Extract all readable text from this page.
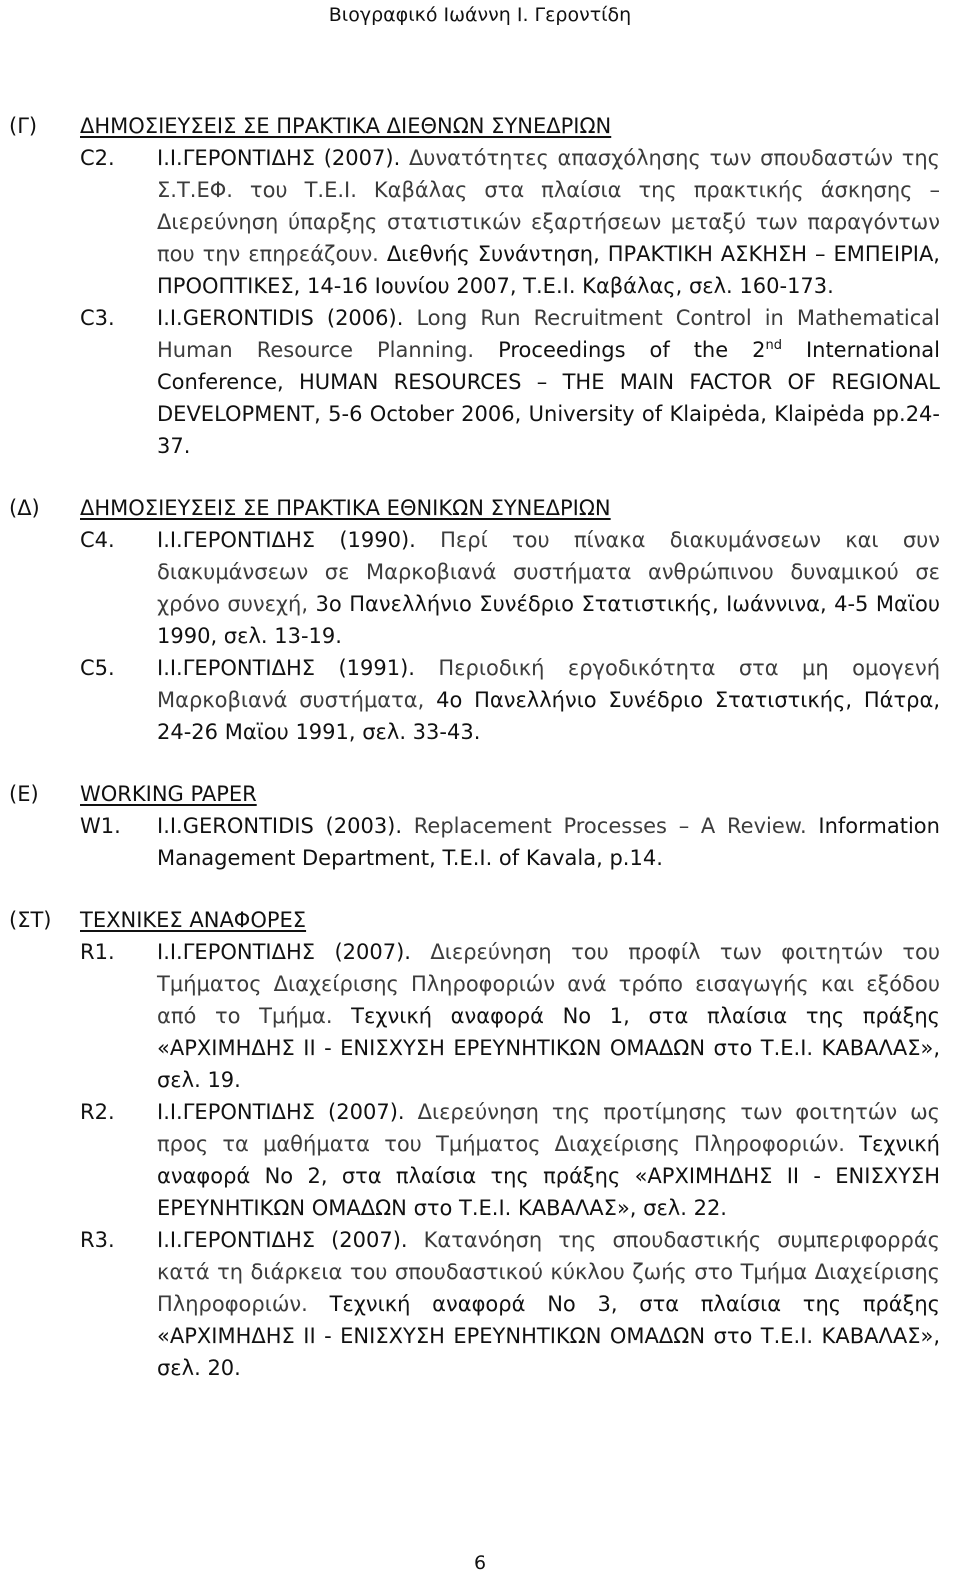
Βιογραφικό Ιωάννη Ι. Γεροντίδη
(Γ) ΔΗΜΟΣΙΕΥΣΕΙΣ ΣΕ ΠΡΑΚΤΙΚΑ ΔΙΕΘΝΩΝ ΣΥΝΕΔΡΙΩΝ
C2. Ι.Ι.ΓΕΡΟΝΤΙΔΗΣ (2007). Δυνατότητες απασχόλησης των σπουδαστών της Σ.Τ.ΕΦ. του Τ.Ε.Ι. Καβάλας στα πλαίσια της πρακτικής άσκησης – Διερεύνηση ύπαρξης στατιστικών εξαρτήσεων μεταξύ των παραγόντων που την επηρεάζουν. Διεθνής Συνάντηση, ΠΡΑΚΤΙΚΗ ΑΣΚΗΣΗ – ΕΜΠΕΙΡΙΑ, ΠΡΟΟΠΤΙΚΕΣ, 14-16 Ιουνίου 2007, Τ.Ε.Ι. Καβάλας, σελ. 160-173.
C3. I.I.GERONTIDIS (2006). Long Run Recruitment Control in Mathematical Human Resource Planning. Proceedings of the 2nd International Conference, HUMAN RESOURCES – THE MAIN FACTOR OF REGIONAL DEVELOPMENT, 5-6 October 2006, University of Klaipėda, Klaipėda pp.24-37.
(Δ) ΔΗΜΟΣΙΕΥΣΕΙΣ ΣΕ ΠΡΑΚΤΙΚΑ ΕΘΝΙΚΩΝ ΣΥΝΕΔΡΙΩΝ
C4. Ι.Ι.ΓΕΡΟΝΤΙΔΗΣ (1990). Περί του πίνακα διακυμάνσεων και συν διακυμάνσεων σε Μαρκοβιανά συστήματα ανθρώπινου δυναμικού σε χρόνο συνεχή, 3ο Πανελλήνιο Συνέδριο Στατιστικής, Ιωάννινα, 4-5 Μαϊου 1990, σελ. 13-19.
C5. Ι.Ι.ΓΕΡΟΝΤΙΔΗΣ (1991). Περιοδική εργοδικότητα στα μη ομογενή Μαρκοβιανά συστήματα, 4ο Πανελλήνιο Συνέδριο Στατιστικής, Πάτρα, 24-26 Μαϊου 1991, σελ. 33-43.
(Ε) WORKING PAPER
W1. I.I.GERONTIDIS (2003). Replacement Processes – A Review. Information Management Department, T.E.I. of Kavala, p.14.
(ΣΤ) ΤΕΧΝΙΚΕΣ ΑΝΑΦΟΡΕΣ
R1. Ι.Ι.ΓΕΡΟΝΤΙΔΗΣ (2007). Διερεύνηση του προφίλ των φοιτητών του Τμήματος Διαχείρισης Πληροφοριών ανά τρόπο εισαγωγής και εξόδου από το Τμήμα. Τεχνική αναφορά Νο 1, στα πλαίσια της πράξης «ΑΡΧΙΜΗΔΗΣ ΙΙ - ΕΝΙΣΧΥΣΗ ΕΡΕΥΝΗΤΙΚΩΝ ΟΜΑΔΩΝ στο Τ.Ε.Ι. ΚΑΒΑΛΑΣ», σελ. 19.
R2. Ι.Ι.ΓΕΡΟΝΤΙΔΗΣ (2007). Διερεύνηση της προτίμησης των φοιτητών ως προς τα μαθήματα του Τμήματος Διαχείρισης Πληροφοριών. Τεχνική αναφορά Νο 2, στα πλαίσια της πράξης «ΑΡΧΙΜΗΔΗΣ ΙΙ - ΕΝΙΣΧΥΣΗ ΕΡΕΥΝΗΤΙΚΩΝ ΟΜΑΔΩΝ στο Τ.Ε.Ι. ΚΑΒΑΛΑΣ», σελ. 22.
R3. Ι.Ι.ΓΕΡΟΝΤΙΔΗΣ (2007). Κατανόηση της σπουδαστικής συμπεριφορράς κατά τη διάρκεια του σπουδαστικού κύκλου ζωής στο Τμήμα Διαχείρισης Πληροφοριών. Τεχνική αναφορά Νο 3, στα πλαίσια της πράξης «ΑΡΧΙΜΗΔΗΣ ΙΙ - ΕΝΙΣΧΥΣΗ ΕΡΕΥΝΗΤΙΚΩΝ ΟΜΑΔΩΝ στο Τ.Ε.Ι. ΚΑΒΑΛΑΣ», σελ. 20.
6
